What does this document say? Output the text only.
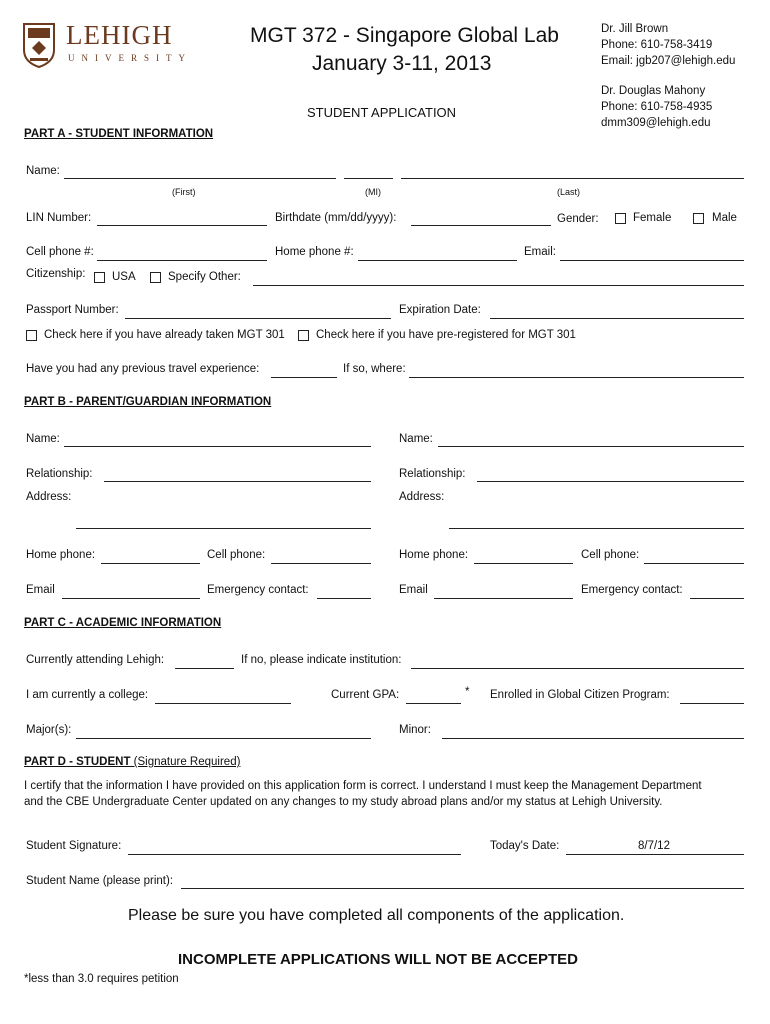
LEHIGH
UNIVERSITY
MGT 372 - Singapore Global Lab
January 3-11, 2013
STUDENT APPLICATION
Dr. Jill Brown
Phone: 610-758-3419
Email: jgb207@lehigh.edu
Dr. Douglas Mahony
Phone: 610-758-4935
dmm309@lehigh.edu
PART A - STUDENT INFORMATION
Name:
(First)	(MI)	(Last)
LIN Number:	Birthdate (mm/dd/yyyy):	Gender:	Female	Male
Cell phone #:	Home phone #:	Email:
Citizenship: USA	Specify Other:
Passport Number:	Expiration Date:
Check here if you have already taken MGT 301	Check here if you have pre-registered for MGT 301
Have you had any previous travel experience:	If so, where:
PART B - PARENT/GUARDIAN INFORMATION
Name:	Name:
Relationship:	Relationship:
Address:	Address:
Home phone:	Cell phone:	Home phone:	Cell phone:
Email	Emergency contact:	Email	Emergency contact:
PART C - ACADEMIC INFORMATION
Currently attending Lehigh:	If no, please indicate institution:
I am currently a college:	Current GPA:	* Enrolled in Global Citizen Program:
Major(s):	Minor:
PART D - STUDENT (Signature Required)
I certify that the information I have provided on this application form is correct. I understand I must keep the Management Department
and the CBE Undergraduate Center updated on any changes to my study abroad plans and/or my status at Lehigh University.
Student Signature:	Today's Date:	8/7/12
Student Name (please print):
Please be sure you have completed all components of the application.
INCOMPLETE APPLICATIONS WILL NOT BE ACCEPTED
*less than 3.0 requires petition
